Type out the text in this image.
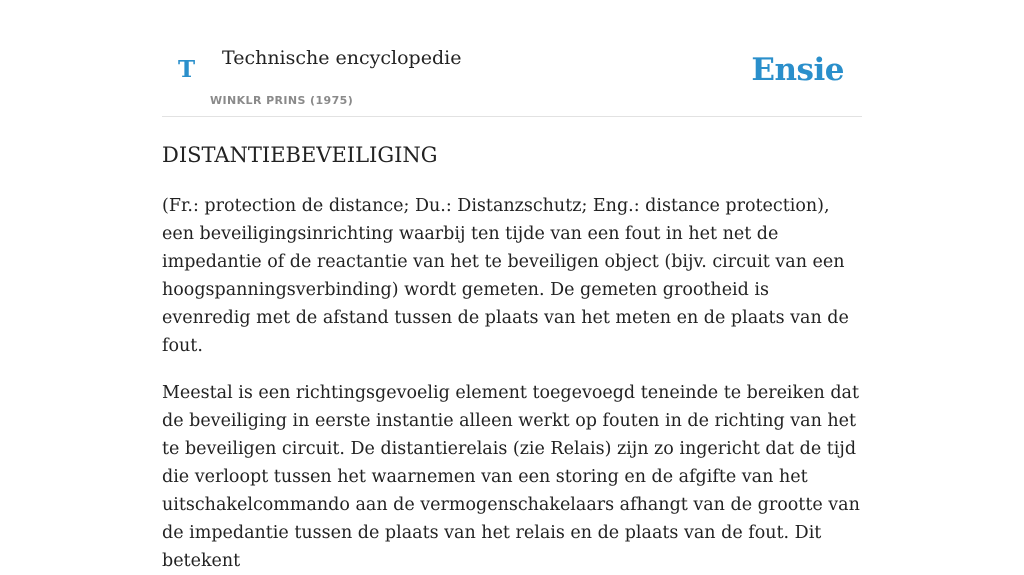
T Technische encyclopedie
WINKLR PRINS (1975)
Ensie
DISTANTIEBEVEILIGING

(Fr.: protection de distance; Du.: Distanzschutz; Eng.: distance protection), een beveiligingsinrichting waarbij ten tijde van een fout in het net de impedantie of de reactantie van het te beveiligen object (bijv. circuit van een hoogspanningsverbinding) wordt gemeten. De gemeten grootheid is evenredig met de afstand tussen de plaats van het meten en de plaats van de fout.

Meestal is een richtingsgevoelig element toegevoegd teneinde te bereiken dat de beveiliging in eerste instantie alleen werkt op fouten in de richting van het te beveiligen circuit. De distantierelais (zie Relais) zijn zo ingericht dat de tijd die verloopt tussen het waarnemen van een storing en de afgifte van het uitschakelcommando aan de vermogenschakelaars afhangt van de grootte van de impedantie tussen de plaats van het relais en de plaats van de fout. Dit betekent
